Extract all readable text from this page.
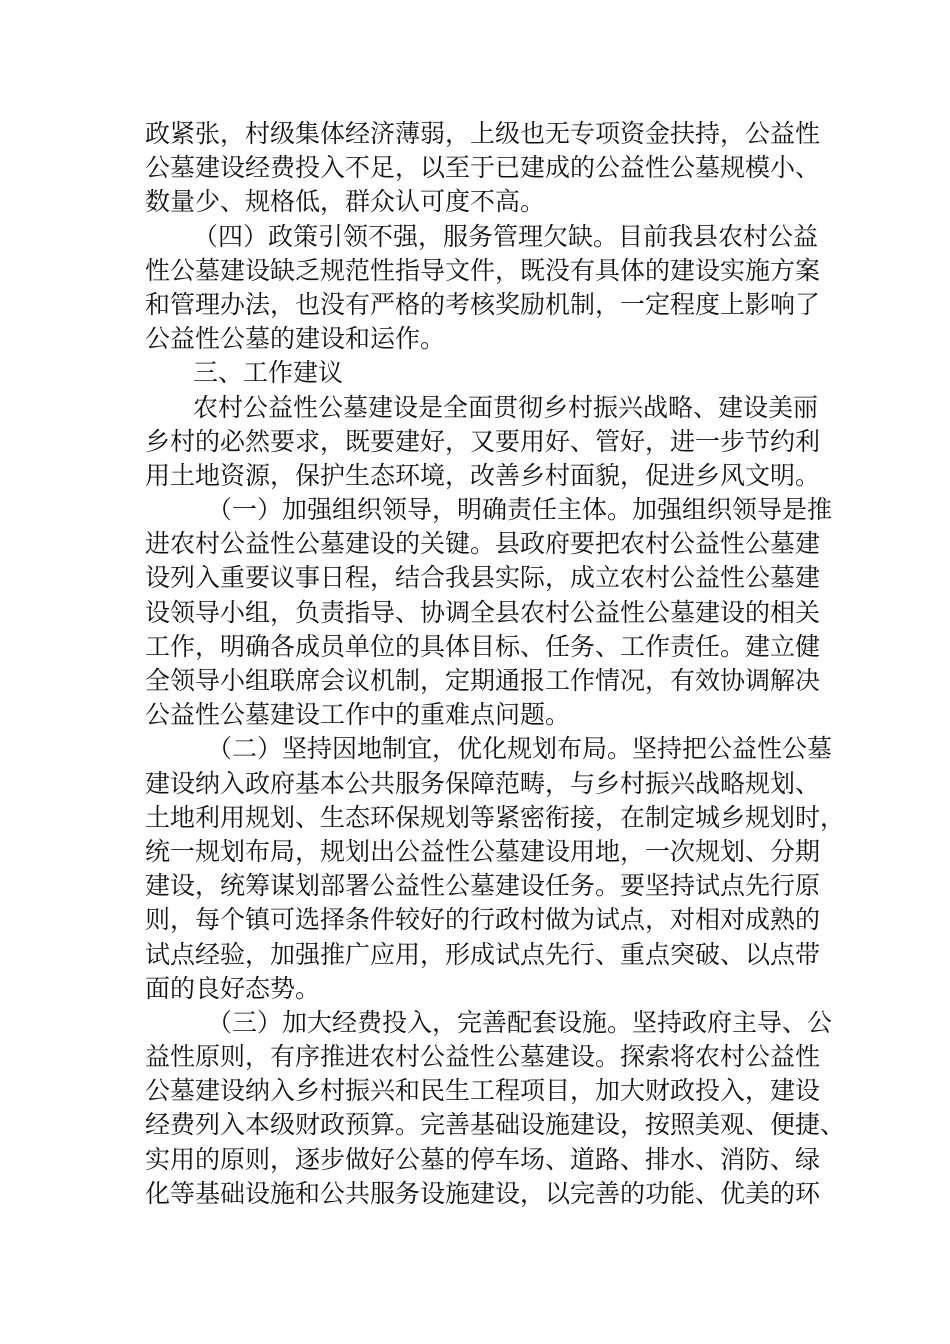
政紧张，村级集体经济薄弱，上级也无专项资金扶持，公益性
公墓建设经费投入不足，以至于已建成的公益性公墓规模小、
数量少、规格低，群众认可度不高。
（四）政策引领不强，服务管理欠缺。目前我县农村公益
性公墓建设缺乏规范性指导文件，既没有具体的建设实施方案
和管理办法，也没有严格的考核奖励机制，一定程度上影响了
公益性公墓的建设和运作。
三、工作建议
农村公益性公墓建设是全面贯彻乡村振兴战略、建设美丽
乡村的必然要求，既要建好，又要用好、管好，进一步节约利
用土地资源，保护生态环境，改善乡村面貌，促进乡风文明。
（一）加强组织领导，明确责任主体。加强组织领导是推
进农村公益性公墓建设的关键。县政府要把农村公益性公墓建
设列入重要议事日程，结合我县实际，成立农村公益性公墓建
设领导小组，负责指导、协调全县农村公益性公墓建设的相关
工作，明确各成员单位的具体目标、任务、工作责任。建立健
全领导小组联席会议机制，定期通报工作情况，有效协调解决
公益性公墓建设工作中的重难点问题。
（二）坚持因地制宜，优化规划布局。坚持把公益性公墓
建设纳入政府基本公共服务保障范畴，与乡村振兴战略规划、
土地利用规划、生态环保规划等紧密衔接，在制定城乡规划时，
统一规划布局，规划出公益性公墓建设用地，一次规划、分期
建设，统筹谋划部署公益性公墓建设任务。要坚持试点先行原
则，每个镇可选择条件较好的行政村做为试点，对相对成熟的
试点经验，加强推广应用，形成试点先行、重点突破、以点带
面的良好态势。
（三）加大经费投入，完善配套设施。坚持政府主导、公
益性原则，有序推进农村公益性公墓建设。探索将农村公益性
公墓建设纳入乡村振兴和民生工程项目，加大财政投入，建设
经费列入本级财政预算。完善基础设施建设，按照美观、便捷、
实用的原则，逐步做好公墓的停车场、道路、排水、消防、绿
化等基础设施和公共服务设施建设，以完善的功能、优美的环
